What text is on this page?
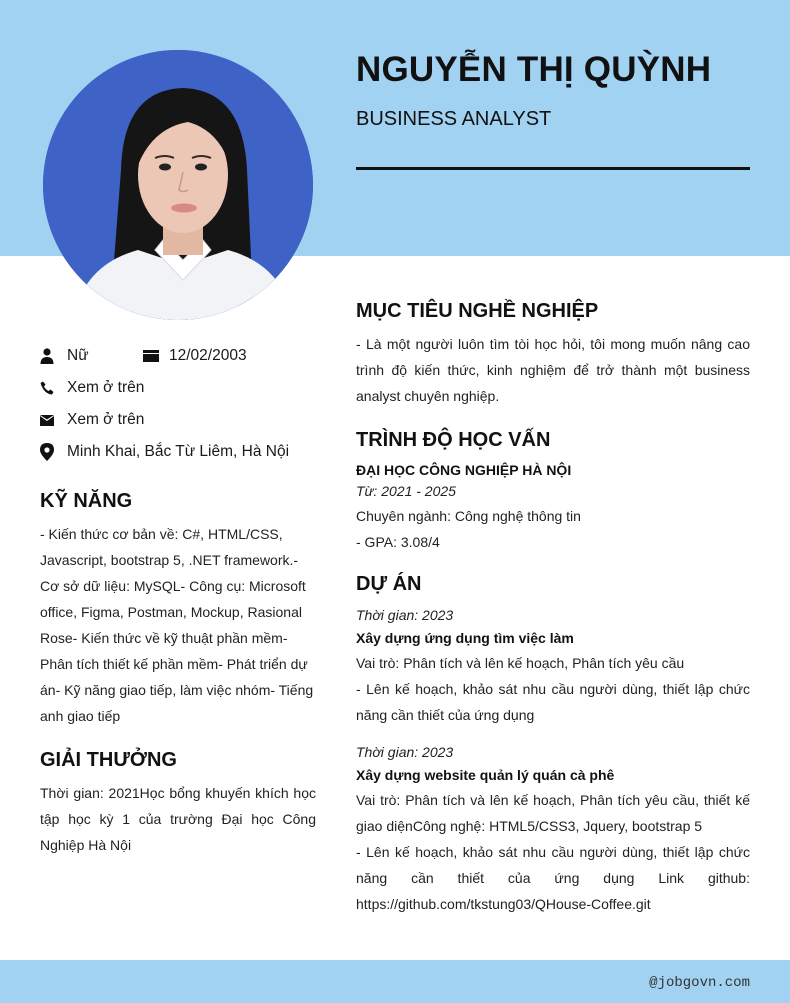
NGUYỄN THỊ QUỲNH
BUSINESS ANALYST
Nữ	12/02/2003
Xem ở trên
Xem ở trên
Minh Khai, Bắc Từ Liêm, Hà Nội
KỸ NĂNG
- Kiến thức cơ bản về: C#, HTML/CSS, Javascript, bootstrap 5, .NET framework.- Cơ sở dữ liệu: MySQL- Công cụ: Microsoft office, Figma, Postman, Mockup, Rasional Rose- Kiến thức về kỹ thuật phần mềm- Phân tích thiết kế phần mềm- Phát triển dự án- Kỹ năng giao tiếp, làm việc nhóm- Tiếng anh giao tiếp
GIẢI THƯỞNG
Thời gian: 2021Học bổng khuyến khích học tập học kỳ 1 của trường Đại học Công Nghiệp Hà Nội
MỤC TIÊU NGHỀ NGHIỆP
- Là một người luôn tìm tòi học hỏi, tôi mong muốn nâng cao trình độ kiến thức, kinh nghiệm để trở thành một business analyst chuyên nghiệp.
TRÌNH ĐỘ HỌC VẤN
ĐẠI HỌC CÔNG NGHIỆP HÀ NỘI
Từ: 2021 - 2025
Chuyên ngành: Công nghệ thông tin
- GPA: 3.08/4
DỰ ÁN
Thời gian: 2023
Xây dựng ứng dụng tìm việc làm
Vai trò: Phân tích và lên kế hoạch, Phân tích yêu cầu
- Lên kế hoạch, khảo sát nhu cầu người dùng, thiết lập chức năng cần thiết của ứng dụng
Thời gian: 2023
Xây dựng website quản lý quán cà phê
Vai trò: Phân tích và lên kế hoạch, Phân tích yêu cầu, thiết kế giao diệnCông nghệ: HTML5/CSS3, Jquery, bootstrap 5
- Lên kế hoạch, khảo sát nhu cầu người dùng, thiết lập chức năng cần thiết của ứng dụng Link github: https://github.com/tkstung03/QHouse-Coffee.git
@jobgovn.com
